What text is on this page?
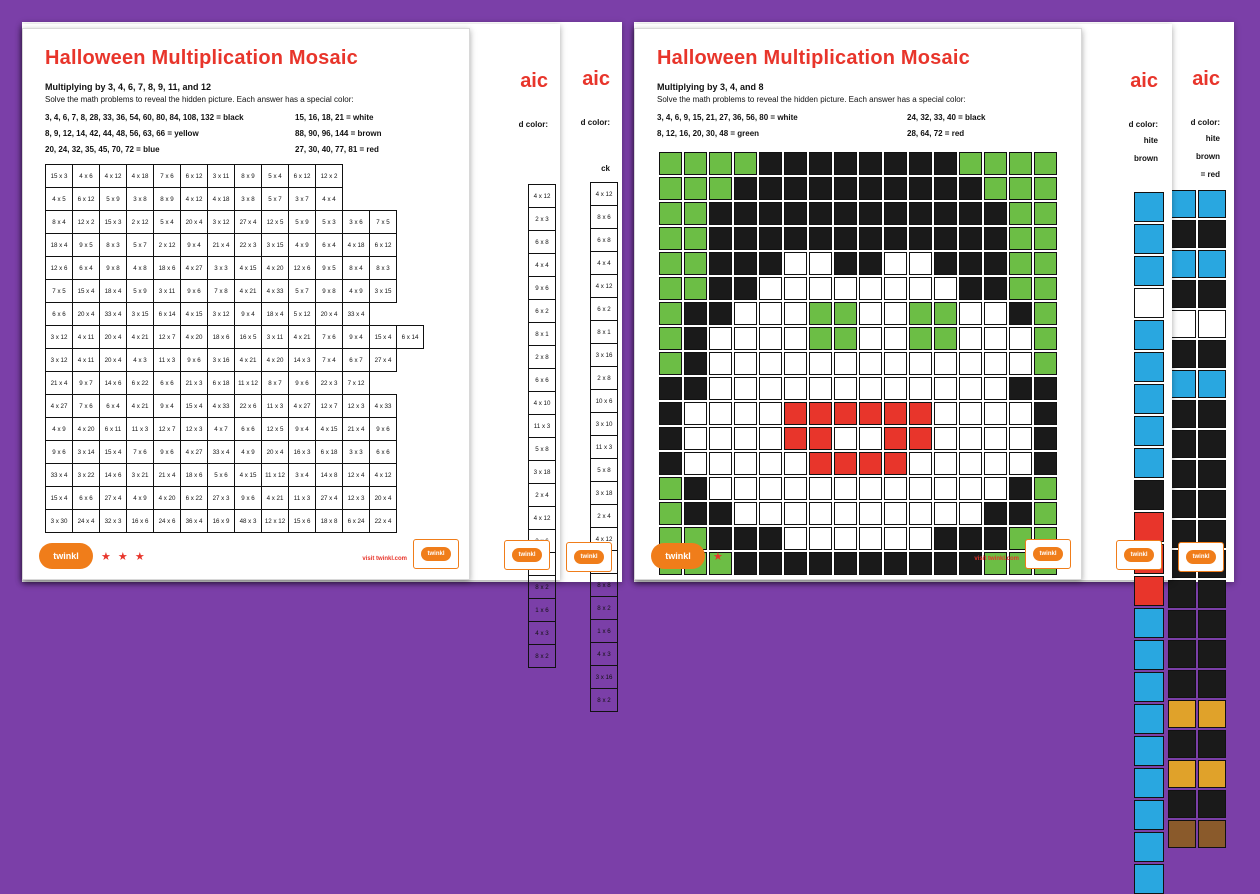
aic
d color:
ck
4 x 12
8 x 6
6 x 8
4 x 4
4 x 12
6 x 2
8 x 1
3 x 16
2 x 8
10 x 6
3 x 10
11 x 3
5 x 8
3 x 18
2 x 4
4 x 12

8 x 8
8 x 2
1 x 6
4 x 3
3 x 16
8 x 2
twinkl
aic
d color:
4 x 12
2 x 3
6 x 8
4 x 4
9 x 6
6 x 2
8 x 1
2 x 8
6 x 6
4 x 10
11 x 3
5 x 8
3 x 18
2 x 4
4 x 12

8 x 2
1 x 6
4 x 3
8 x 2
twinkl
Halloween Multiplication Mosaic
Multiplying by 3, 4, 6, 7, 8, 9, 11, and 12
Solve the math problems to reveal the hidden picture. Each answer has a special color:
3, 4, 6, 7, 8, 28, 33, 36, 54, 60, 80, 84, 108, 132 = black	15, 16, 18, 21 = white
8, 9, 12, 14, 42, 44, 48, 56, 63, 66 = yellow	88, 90, 96, 144 = brown
20, 24, 32, 35, 45, 70, 72 = blue	27, 30, 40, 77, 81 = red
15 x 3	4 x 6	4 x 12	4 x 18	7 x 6	6 x 12	3 x 11	8 x 9	5 x 4	6 x 12	12 x 2			
4 x 5	6 x 12	5 x 9	3 x 8	8 x 9	4 x 12	4 x 18	3 x 8	5 x 7	3 x 7	4 x 4			
8 x 4	12 x 2	15 x 3	2 x 12	5 x 4	20 x 4	3 x 12	27 x 4	12 x 5	5 x 9	5 x 3	3 x 6	7 x 5	
18 x 4	9 x 5	8 x 3	5 x 7	2 x 12	9 x 4	21 x 4	22 x 3	3 x 15	4 x 9	6 x 4	4 x 18	6 x 12	
12 x 6	6 x 4	9 x 8	4 x 8	18 x 6	4 x 27	3 x 3	4 x 15	4 x 20	12 x 6	9 x 5	8 x 4	8 x 3	
7 x 5	15 x 4	18 x 4	5 x 9	3 x 11	9 x 6	7 x 8	4 x 21	4 x 33	5 x 7	9 x 8	4 x 9	3 x 15	
6 x 6	20 x 4	33 x 4	3 x 15	6 x 14	4 x 15	3 x 12	9 x 4	18 x 4	5 x 12	20 x 4	33 x 4		
3 x 12	4 x 11	20 x 4	4 x 21	12 x 7	4 x 20	18 x 6	16 x 5	3 x 11	4 x 21	7 x 6	9 x 4	15 x 4	6 x 14
3 x 12	4 x 11	20 x 4	4 x 3	11 x 3	9 x 6	3 x 16	4 x 21	4 x 20	14 x 3	7 x 4	6 x 7	27 x 4	
21 x 4	9 x 7	14 x 6	6 x 22	6 x 6	21 x 3	6 x 18	11 x 12	8 x 7	9 x 6	22 x 3	7 x 12		
4 x 27	7 x 6	6 x 4	4 x 21	9 x 4	15 x 4	4 x 33	22 x 6	11 x 3	4 x 27	12 x 7	12 x 3	4 x 33	
4 x 9	4 x 20	6 x 11	11 x 3	12 x 7	12 x 3	4 x 7	6 x 6	12 x 5	9 x 4	4 x 15	21 x 4	9 x 6	
9 x 6	3 x 14	15 x 4	7 x 6	9 x 6	4 x 27	33 x 4	4 x 9	20 x 4	16 x 3	6 x 18	3 x 3	6 x 6	
33 x 4	3 x 22	14 x 6	3 x 21	21 x 4	18 x 6	5 x 6	4 x 15	11 x 12	3 x 4	14 x 8	12 x 4	4 x 12	
15 x 4	6 x 6	27 x 4	4 x 9	4 x 20	6 x 22	27 x 3	9 x 6	4 x 21	11 x 3	27 x 4	12 x 3	20 x 4	
3 x 30	24 x 4	32 x 3	16 x 6	24 x 6	36 x 4	16 x 9	48 x 3	12 x 12	15 x 6	18 x 8	6 x 24	22 x 4	
twinkl	★ ★ ★	visit twinkl.com
twinkl
aic
d color:
hite
brown
= red
twinkl
aic
d color:
hite
brown
twinkl
Halloween Multiplication Mosaic
Multiplying by 3, 4, and 8
Solve the math problems to reveal the hidden picture. Each answer has a special color:
3, 4, 6, 9, 15, 21, 27, 36, 56, 80 = white	24, 32, 33, 40 = black
8, 12, 16, 20, 30, 48 = green	28, 64, 72 = red
twinkl	★	visit twinkl.com
twinkl
